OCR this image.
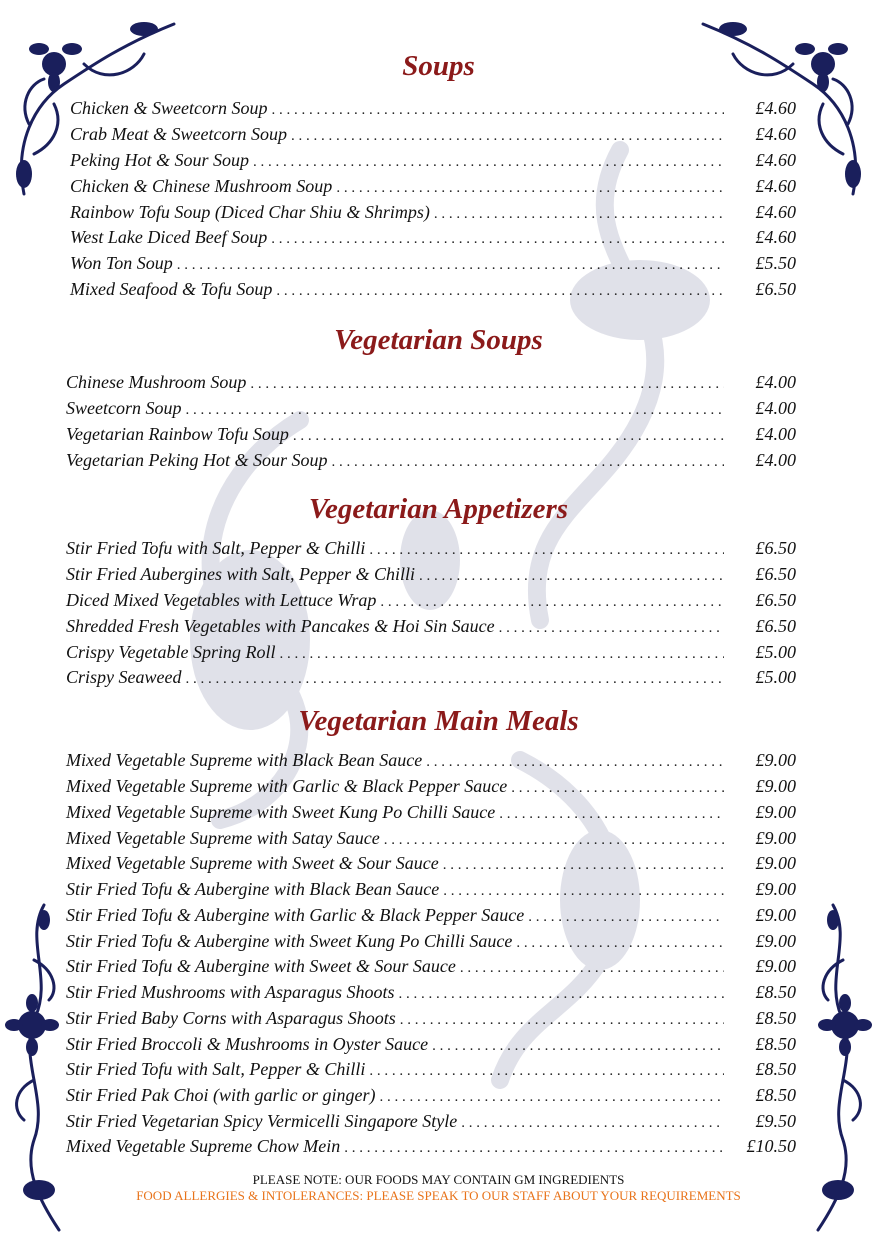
Soups
Chicken & Sweetcorn Soup . . .	£4.60
Crab Meat & Sweetcorn Soup . . .	£4.60
Peking Hot & Sour Soup . . .	£4.60
Chicken & Chinese Mushroom Soup . . .	£4.60
Rainbow Tofu Soup (Diced Char Shiu & Shrimps) . . .	£4.60
West Lake Diced Beef Soup . . .	£4.60
Won Ton Soup . . .	£5.50
Mixed Seafood & Tofu Soup . . .	£6.50
Vegetarian Soups
Chinese Mushroom Soup . . .	£4.00
Sweetcorn Soup . . .	£4.00
Vegetarian Rainbow Tofu Soup . . .	£4.00
Vegetarian Peking Hot & Sour Soup . . .	£4.00
Vegetarian Appetizers
Stir Fried Tofu with Salt, Pepper & Chilli . . .	£6.50
Stir Fried Aubergines with Salt, Pepper & Chilli . . .	£6.50
Diced Mixed Vegetables with Lettuce Wrap . . .	£6.50
Shredded Fresh Vegetables with Pancakes & Hoi Sin Sauce . . .	£6.50
Crispy Vegetable Spring Roll . . .	£5.00
Crispy Seaweed . . .	£5.00
Vegetarian Main Meals
Mixed Vegetable Supreme with Black Bean Sauce . . .	£9.00
Mixed Vegetable Supreme with Garlic & Black Pepper Sauce . . .	£9.00
Mixed Vegetable Supreme with Sweet Kung Po Chilli Sauce . . .	£9.00
Mixed Vegetable Supreme with Satay Sauce . . .	£9.00
Mixed Vegetable Supreme with Sweet & Sour Sauce . . .	£9.00
Stir Fried Tofu & Aubergine with Black Bean Sauce . . .	£9.00
Stir Fried Tofu & Aubergine with Garlic & Black Pepper Sauce . . .	£9.00
Stir Fried Tofu & Aubergine with Sweet Kung Po Chilli Sauce . . .	£9.00
Stir Fried Tofu & Aubergine with Sweet & Sour Sauce . . .	£9.00
Stir Fried Mushrooms with Asparagus Shoots . . .	£8.50
Stir Fried Baby Corns with Asparagus Shoots . . .	£8.50
Stir Fried Broccoli & Mushrooms in Oyster Sauce . . .	£8.50
Stir Fried Tofu with Salt, Pepper & Chilli . . .	£8.50
Stir Fried Pak Choi (with garlic or ginger) . . .	£8.50
Stir Fried Vegetarian Spicy Vermicelli Singapore Style . . .	£9.50
Mixed Vegetable Supreme Chow Mein . . .	£10.50
PLEASE NOTE: OUR FOODS MAY CONTAIN GM INGREDIENTS
FOOD ALLERGIES & INTOLERANCES: PLEASE SPEAK TO OUR STAFF ABOUT YOUR REQUIREMENTS
